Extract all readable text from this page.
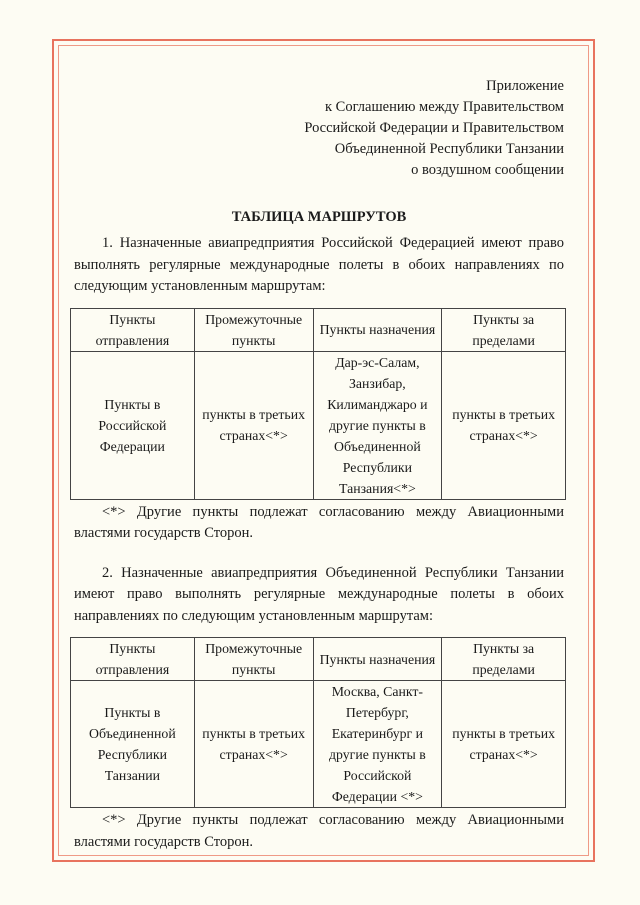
Приложение
к Соглашению между Правительством
Российской Федерации и Правительством
Объединенной Республики Танзании
о воздушном сообщении
ТАБЛИЦА МАРШРУТОВ

1. Назначенные авиапредприятия Российской Федерацией имеют право выполнять регулярные международные полеты в обоих направлениях по следующим установленным маршрутам:

Пункты отправления	Промежуточные пункты	Пункты назначения	Пункты за пределами
Пункты в Российской Федерации	пункты в третьих странах<*>	Дар-эс-Салам, Занзибар, Килиманджаро и другие пункты в Объединенной Республики Танзания<*>	пункты в третьих странах<*>

<*> Другие пункты подлежат согласованию между Авиационными властями государств Сторон.

2. Назначенные авиапредприятия Объединенной Республики Танзании имеют право выполнять регулярные международные полеты в обоих направлениях по следующим установленным маршрутам:

Пункты отправления	Промежуточные пункты	Пункты назначения	Пункты за пределами
Пункты в Объединенной Республики Танзании	пункты в третьих странах<*>	Москва, Санкт-Петербург, Екатеринбург и другие пункты в Российской Федерации <*>	пункты в третьих странах<*>

<*> Другие пункты подлежат согласованию между Авиационными властями государств Сторон.
